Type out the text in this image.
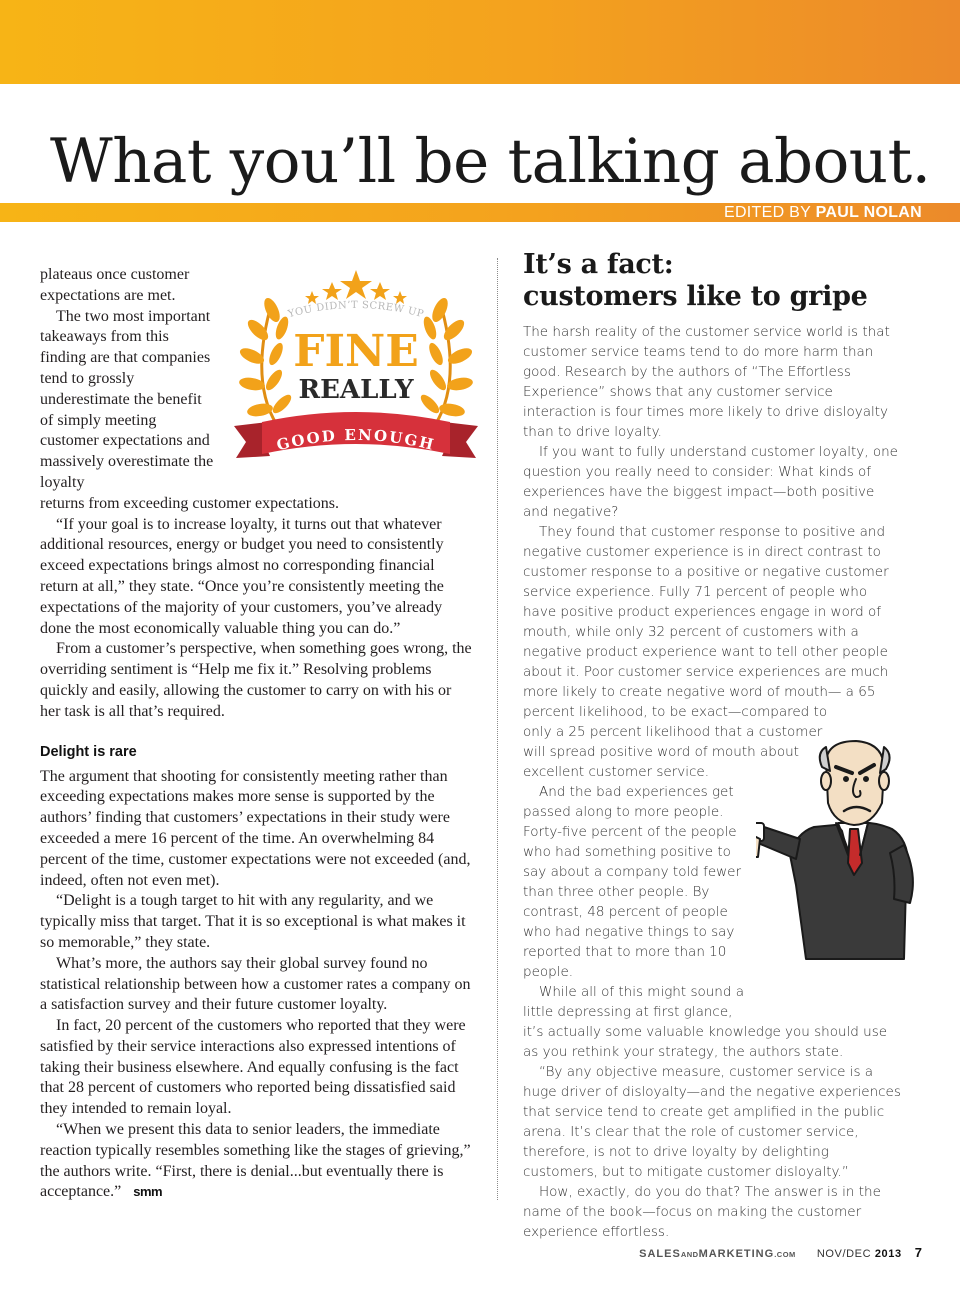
What you’ll be talking about.
EDITED BY PAUL NOLAN
YOU DIDN’T SCREW UP
FINE
REALLY
GOOD ENOUGH

plateaus once customer expectations are met.

The two most important takeaways from this finding are that companies tend to grossly underestimate the benefit of simply meeting customer expectations and massively overestimate the loyalty

returns from exceeding customer expectations.

“If your goal is to increase loyalty, it turns out that whatever additional resources, energy or budget you need to consistently exceed expectations brings almost no corresponding financial return at all,” they state. “Once you’re consistently meeting the expectations of the majority of your customers, you’ve already done the most economically valuable thing you can do.”

From a customer’s perspective, when something goes wrong, the overriding sentiment is “Help me fix it.” Resolving problems quickly and easily, allowing the customer to carry on with his or her task is all that’s required.

Delight is rare

The argument that shooting for consistently meeting rather than exceeding expectations makes more sense is supported by the authors’ finding that customers’ expectations in their study were exceeded a mere 16 percent of the time. An overwhelming 84 percent of the time, customer expectations were not exceeded (and, indeed, often not even met).

“Delight is a tough target to hit with any regularity, and we typically miss that target. That it is so exceptional is what makes it so memorable,” they state.

What’s more, the authors say their global survey found no statistical relationship between how a customer rates a company on a satisfaction survey and their future customer loyalty.

In fact, 20 percent of the customers who reported that they were satisfied by their service interactions also expressed intentions of taking their business elsewhere. And equally confusing is the fact that 28 percent of customers who reported being dissatisfied said they intended to remain loyal.

“When we present this data to senior leaders, the immediate reaction typically resembles something like the stages of grieving,” the authors write. “First, there is denial...but eventually there is acceptance.” smm

It’s a fact:
customers like to gripe

The harsh reality of the customer service world is that customer service teams tend to do more harm than good. Research by the authors of “The Effortless Experience” shows that any customer service interaction is four times more likely to drive disloyalty than to drive loyalty.

If you want to fully understand customer loyalty, one question you really need to consider: What kinds of experiences have the biggest impact—both positive and negative?

They found that customer response to positive and negative customer experience is in direct contrast to customer response to a positive or negative customer service experience. Fully 71 percent of people who have positive product experiences engage in word of mouth, while only 32 percent of customers with a negative product experience want to tell other people about it. Poor customer service experiences are much more likely to create negative word of mouth— a 65 percent likelihood, to be exact—compared to

only a 25 percent likelihood that a customer will spread positive word of mouth about excellent customer service.

And the bad experiences get passed along to more people. Forty-five percent of the people who had something positive to say about a company told fewer than three other people. By contrast, 48 percent of people who had negative things to say reported that to more than 10 people.

While all of this might sound a little depressing at first glance,

it’s actually some valuable knowledge you should use as you rethink your strategy, the authors state.

“By any objective measure, customer service is a huge driver of disloyalty—and the negative experiences that service tend to create get amplified in the public arena. It’s clear that the role of customer service, therefore, is not to drive loyalty by delighting customers, but to mitigate customer disloyalty.”

How, exactly, do you do that? The answer is in the name of the book—focus on making the customer experience effortless.

SALESANDMARKETING.COM NOV/DEC 2013 7
